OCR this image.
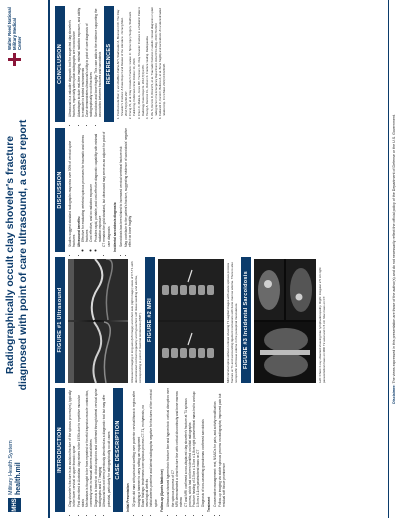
MHS
Military Health System health.mil
Radiographically occult clay shoveler's fracture diagnosed with point of care ultrasound, a case report
Walter Reed National Military Medical Center
INTRODUCTION	• Clay-shoveler's fracture is an avulsion fracture of the spinous process(es), typically in the lower cervical or upper thoracic spine • First described in Australian clay miners in the 1930s due to repetitive muscular strain • Mechanism is thought to be from repeated or forceful trapezius muscle contraction, commonly seen in manual laborers and athletes • Diagnosis is based on clinical suspicion and confirmed through lateral cervical spine radiographs and CT imaging • Ultrasound has not been previously described as a diagnostic tool but may offer potential, particularly for radiographically occult cases CASE DESCRIPTION
Initial Presentation • 32 year-old man with pain and swelling over posterior cervical/thoracic region after swinging a hammer to carry rafting oar equipment • Exam findings: tenderness over spinous process C7-T1, ecchymosis, no neurological deficits • Initial anterior-posterior and lateral radiographs negative for fractures of the cervical spine Follow-up (Sports Medicine) • Ultrasound showed hyperechoic fracture line and hypoechoic cortical disruption over the spinous process of C7 • MRI demonstrated a clear fracture line with cortical discontinuity and bone marrow edema • CT and MRI confirmed a non-displaced clay shoveler's fracture at T1 spinous process, which had not been identified on initial radiographs • Fracture healing of 2.5cm x 1.5cm x 1.8cm right paravertebral mass led to workup: 1.5cm x 1.1cm paratracheal mass on CT • Diagnosis of non-caseating granulomas confirmed sarcoidosis Treatment • Conservative management: rest, NSAIDs for pain, and activity modification • Follow-up imaging via stable spinous process on radiographs; improved pain but residual soft tissue prominence
FIGURE #1 Ultrasound	Ultrasound imaging in long axis (left image) and short axis (right image) views of C7-T1 with demonstrated cortical irregularity and hypoechoic soft tissue swelling and edema, corresponding to point of maximal tenderness (PMT). FIGURE #2 MRI	MRI cervical spine without contrast showing T1 sagittal images with acute spinous process fracture at T1 and surrounding ligament contusions with bone marrow edema. There is also nonspecific soft tissue edema in the paraspinal musculature. FIGURE #3 Incidental Sarcoidosis	Left: Chest X-ray obtained showing hilar lymphadenopathy. Right: Irregular 2.5 cm right paravertebral mass on MRI T2 axial and 1.5 cm hilar mass on CT.
DISCUSSION	• Studies suggest standard radiographs may miss over 50% of cervical spine fractures • Ultrasound benefits: ◦ Effective for evaluating vertebral spinous processes for traumatic and stress fractures ◦ Cost effective, and no radiation exposure ◦ Provides rapid, portable, and cost-effective diagnostic capability with minimal radiation exposure • CT remains the gold standard, but ultrasound may serve as an adjunct for point of care diagnosis Incidental sarcoidosis diagnosis: • Sarcoidosis has been linked to increased cervical vertebral fracture risk • May contribute to the patient's fracture, suggesting evidence of sarcoidosis' negative effect on bone fragility
CONCLUSION	• Ultrasound is a valuable diagnostic tool for suspected clay shoveler's fractures, especially when plain radiographs are inconclusive • Advantages include real-time imaging, minimal radiation exposure, and ability to evaluate in limited environments • Case demonstrates ultrasound's utility in point of care diagnosis of radiographically occult fractures • Sarcoidosis and bone fragility: This case adds to the evidence supporting the association between fractures and sarcoidosis REFERENCES	1. Posthuma de Boer J, van Wulfften Palthe AFY, Stadhouder A, Bloemers FW. The Clay Shoveler's Fracture: A Case Report and Review of the Literature. J Emerg Med. 2016;51(3):292-297. 2. Cheng JS, et al. Clay shoveler's fracture: review. In: Spine Injury Surgery. StatPearls Publishing. Published online October 16, 2024. 3. Chien C, Mulla E, Jones MP, Thomsen JC. Clay Shoveler Fracture in a Pediatric Patient. Radiology Case Reports. 2012;7(3):e470. 4. Yeung A, Ramirez CL, Robson K. Fracture healing. Radiopaedia. 5. Wu S, Dennis D, Ricard S, et al. Traumatic fractures in adults: missed diagnosis on plain radiographs in the Emergency Department. Acta Ortho Belg. 2010;76:2023. 6. Cattarelli C, Caroli F, Bellone A, et al. Bone fragility and sarcoidosis: An underestimated relationship. Front Med. 2023;10:1026028.
Disclaimer: The views expressed in this presentation are those of the author(s) and do not necessarily reflect the official policy of the Department of Defense or the U.S. Government.
